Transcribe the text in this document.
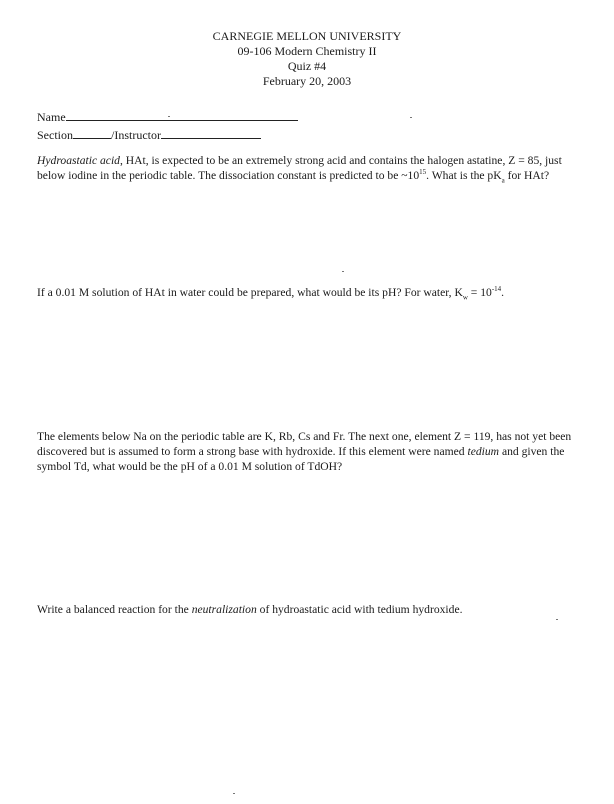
CARNEGIE MELLON UNIVERSITY
09-106 Modern Chemistry II
Quiz #4
February 20, 2003
Name
Section	/Instructor

Hydroastatic acid, HAt, is expected to be an extremely strong acid and contains the halogen astatine, Z = 85, just below iodine in the periodic table. The dissociation constant is predicted to be $\sim 10^{15}$. What is the $pK_a$ for HAt?

If a 0.01 M solution of HAt in water could be prepared, what would be its pH? For water, $K_w = 10^{-14}$.

The elements below Na on the periodic table are K, Rb, Cs and Fr. The next one, element Z = 119, has not yet been discovered but is assumed to form a strong base with hydroxide. If this element were named tedium and given the symbol Td, what would be the pH of a 0.01 M solution of TdOH?

Write a balanced reaction for the neutralization of hydroastatic acid with tedium hydroxide.
